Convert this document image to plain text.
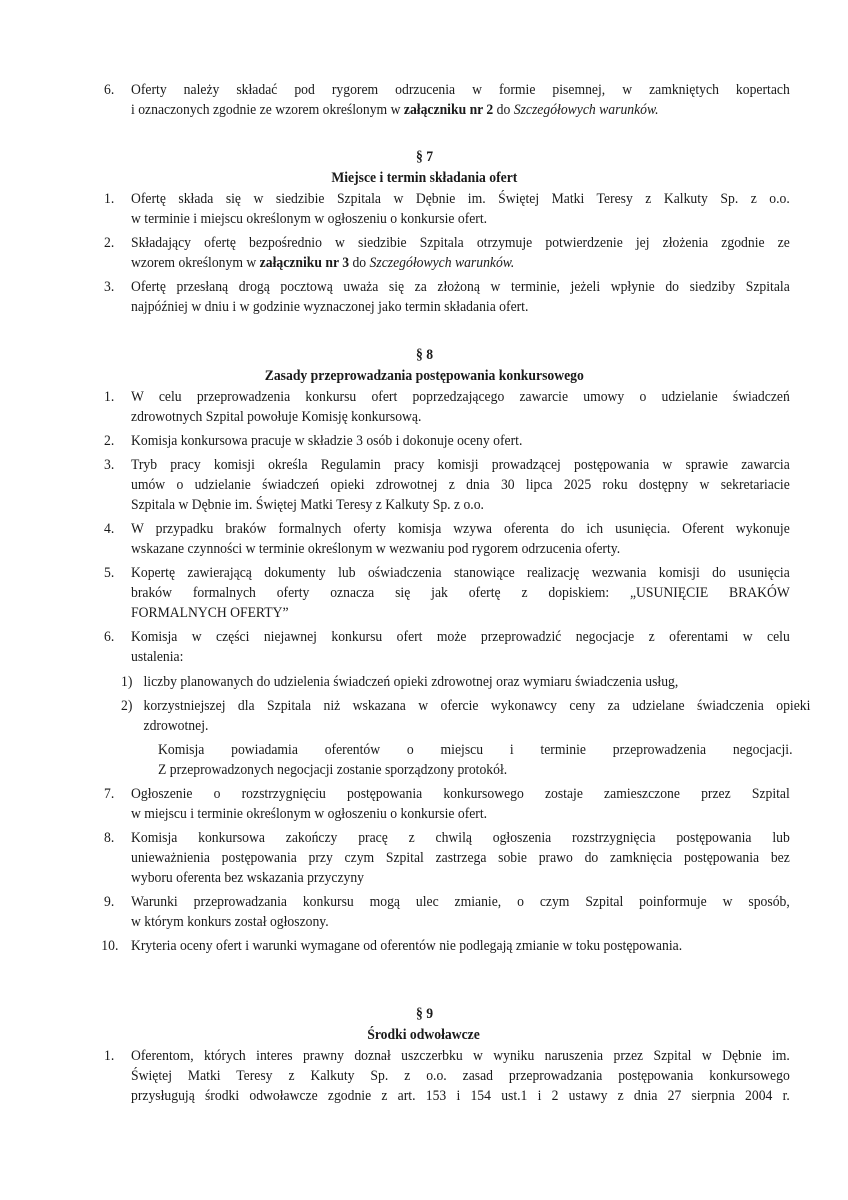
6. Oferty należy składać pod rygorem odrzucenia w formie pisemnej, w zamkniętych kopertach
i oznaczonych zgodnie ze wzorem określonym w załączniku nr 2 do Szczegółowych warunków.
§ 7
Miejsce i termin składania ofert
1. Ofertę składa się w siedzibie Szpitala w Dębnie im. Świętej Matki Teresy z Kalkuty Sp. z o.o.
w terminie i miejscu określonym w ogłoszeniu o konkursie ofert.
2. Składający ofertę bezpośrednio w siedzibie Szpitala otrzymuje potwierdzenie jej złożenia zgodnie ze
wzorem określonym w załączniku nr 3 do Szczegółowych warunków.
3. Ofertę przesłaną drogą pocztową uważa się za złożoną w terminie, jeżeli wpłynie do siedziby Szpitala
najpóźniej w dniu i w godzinie wyznaczonej jako termin składania ofert.
§ 8
Zasady przeprowadzania postępowania konkursowego
1. W celu przeprowadzenia konkursu ofert poprzedzającego zawarcie umowy o udzielanie świadczeń
zdrowotnych Szpital powołuje Komisję konkursową.
2. Komisja konkursowa pracuje w składzie 3 osób i dokonuje oceny ofert.
3. Tryb pracy komisji określa Regulamin pracy komisji prowadzącej postępowania w sprawie zawarcia
umów o udzielanie świadczeń opieki zdrowotnej z dnia 30 lipca 2025 roku dostępny w sekretariacie
Szpitala w Dębnie im. Świętej Matki Teresy z Kalkuty Sp. z o.o.
4. W przypadku braków formalnych oferty komisja wzywa oferenta do ich usunięcia. Oferent wykonuje
wskazane czynności w terminie określonym w wezwaniu pod rygorem odrzucenia oferty.
5. Kopertę zawierającą dokumenty lub oświadczenia stanowiące realizację wezwania komisji do usunięcia
braków formalnych oferty oznacza się jak ofertę z dopiskiem: „USUNIĘCIE BRAKÓW
FORMALNYCH OFERTY”
6. Komisja w części niejawnej konkursu ofert może przeprowadzić negocjacje z oferentami w celu
ustalenia:
1) liczby planowanych do udzielenia świadczeń opieki zdrowotnej oraz wymiaru świadczenia usług,
2) korzystniejszej dla Szpitala niż wskazana w ofercie wykonawcy ceny za udzielane świadczenia opieki
zdrowotnej.
Komisja powiadamia oferentów o miejscu i terminie przeprowadzenia negocjacji.
Z przeprowadzonych negocjacji zostanie sporządzony protokół.
7. Ogłoszenie o rozstrzygnięciu postępowania konkursowego zostaje zamieszczone przez Szpital
w miejscu i terminie określonym w ogłoszeniu o konkursie ofert.
8. Komisja konkursowa zakończy pracę z chwilą ogłoszenia rozstrzygnięcia postępowania lub
unieważnienia postępowania przy czym Szpital zastrzega sobie prawo do zamknięcia postępowania bez
wyboru oferenta bez wskazania przyczyny
9. Warunki przeprowadzania konkursu mogą ulec zmianie, o czym Szpital poinformuje w sposób,
w którym konkurs został ogłoszony.
10. Kryteria oceny ofert i warunki wymagane od oferentów nie podlegają zmianie w toku postępowania.
§ 9
Środki odwoławcze
1. Oferentom, których interes prawny doznał uszczerbku w wyniku naruszenia przez Szpital w Dębnie im.
Świętej Matki Teresy z Kalkuty Sp. z o.o. zasad przeprowadzania postępowania konkursowego
przysługują środki odwoławcze zgodnie z art. 153 i 154 ust.1 i 2 ustawy z dnia 27 sierpnia 2004 r.
